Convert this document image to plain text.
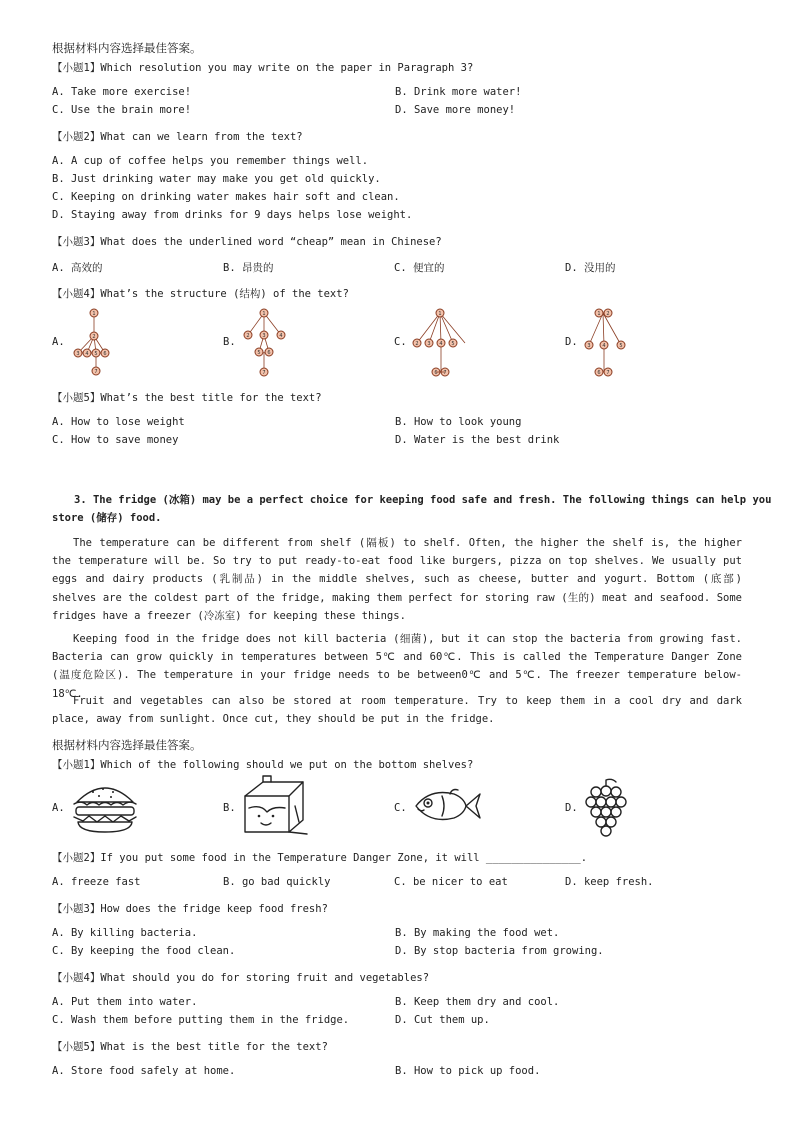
根据材料内容选择最佳答案。
【小题1】Which resolution you may write on the paper in Paragraph 3?
A. Take more exercise!	B. Drink more water!
C. Use the brain more!	D. Save more money!
【小题2】What can we learn from the text?
A. A cup of coffee helps you remember things well.
B. Just drinking water may make you get old quickly.
C. Keeping on drinking water makes hair soft and clean.
D. Staying away from drinks for 9 days helps lose weight.
【小题3】What does the underlined word “cheap” mean in Chinese?
A. 高效的	B. 昂贵的	C. 便宜的	D. 没用的
【小题4】What’s the structure (结构) of the text?
A.
1
2
3 4 5 6
7
B.
1
2	3	4
5 6
7
C.
1
2 3 4 5
6 7
D.
1 2
3 4	5
6 7
【小题5】What’s the best title for the text?
A. How to lose weight	B. How to look young
C. How to save money	D. Water is the best drink
3. The fridge (冰箱) may be a perfect choice for keeping food safe and fresh. The following things can help you
store (储存) food.
The temperature can be different from shelf (隔板) to shelf. Often, the higher the shelf is, the higher the temperature will be. So try to put ready-to-eat food like burgers, pizza on top shelves. We usually put eggs and dairy products (乳制品) in the middle shelves, such as cheese, butter and yogurt. Bottom (底部) shelves are the coldest part of the fridge, making them perfect for storing raw (生的) meat and seafood. Some fridges have a freezer (冷冻室) for keeping these things.
Keeping food in the fridge does not kill bacteria (细菌), but it can stop the bacteria from growing fast. Bacteria can grow quickly in temperatures between 5℃ and 60℃. This is called the Temperature Danger Zone (温度危险区). The temperature in your fridge needs to be between0℃ and 5℃. The freezer temperature below-18℃.
Fruit and vegetables can also be stored at room temperature. Try to keep them in a cool dry and dark place, away from sunlight. Once cut, they should be put in the fridge.
根据材料内容选择最佳答案。
【小题1】Which of the following should we put on the bottom shelves?
A.	B.	C.	D.
【小题2】If you put some food in the Temperature Danger Zone, it will _______________.
A. freeze fast	B. go bad quickly	C. be nicer to eat	D. keep fresh.
【小题3】How does the fridge keep food fresh?
A. By killing bacteria.	B. By making the food wet.
C. By keeping the food clean.	D. By stop bacteria from growing.
【小题4】What should you do for storing fruit and vegetables?
A. Put them into water.	B. Keep them dry and cool.
C. Wash them before putting them in the fridge.	D. Cut them up.
【小题5】What is the best title for the text?
A. Store food safely at home.	B. How to pick up food.
